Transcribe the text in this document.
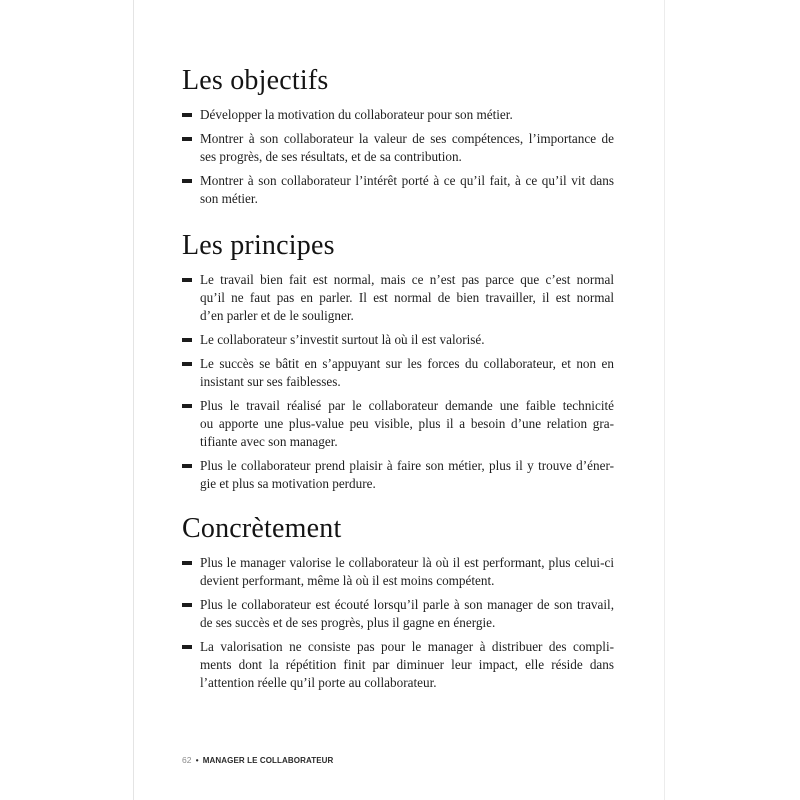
Les objectifs
Développer la motivation du collaborateur pour son métier.
Montrer à son collaborateur la valeur de ses compétences, l’importance de
ses progrès, de ses résultats, et de sa contribution.
Montrer à son collaborateur l’intérêt porté à ce qu’il fait, à ce qu’il vit dans
son métier.
Les principes
Le travail bien fait est normal, mais ce n’est pas parce que c’est normal
qu’il ne faut pas en parler. Il est normal de bien travailler, il est normal
d’en parler et de le souligner.
Le collaborateur s’investit surtout là où il est valorisé.
Le succès se bâtit en s’appuyant sur les forces du collaborateur, et non en
insistant sur ses faiblesses.
Plus le travail réalisé par le collaborateur demande une faible technicité
ou apporte une plus-value peu visible, plus il a besoin d’une relation gra-
tifiante avec son manager.
Plus le collaborateur prend plaisir à faire son métier, plus il y trouve d’éner-
gie et plus sa motivation perdure.
Concrètement
Plus le manager valorise le collaborateur là où il est performant, plus celui-ci
devient performant, même là où il est moins compétent.
Plus le collaborateur est écouté lorsqu’il parle à son manager de son travail,
de ses succès et de ses progrès, plus il gagne en énergie.
La valorisation ne consiste pas pour le manager à distribuer des compli-
ments dont la répétition finit par diminuer leur impact, elle réside dans
l’attention réelle qu’il porte au collaborateur.
62 • MANAGER LE COLLABORATEUR
